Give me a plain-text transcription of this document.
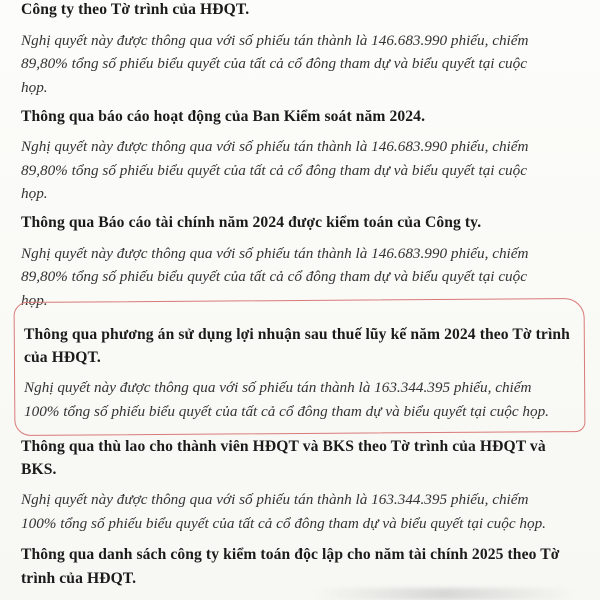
Công ty theo Tờ trình của HĐQT.
Nghị quyết này được thông qua với số phiếu tán thành là 146.683.990 phiếu, chiếm
89,80% tổng số phiếu biểu quyết của tất cả cổ đông tham dự và biểu quyết tại cuộc
họp.
Thông qua báo cáo hoạt động của Ban Kiểm soát năm 2024.
Nghị quyết này được thông qua với số phiếu tán thành là 146.683.990 phiếu, chiếm
89,80% tổng số phiếu biểu quyết của tất cả cổ đông tham dự và biểu quyết tại cuộc
họp.
Thông qua Báo cáo tài chính năm 2024 được kiểm toán của Công ty.
Nghị quyết này được thông qua với số phiếu tán thành là 146.683.990 phiếu, chiếm
89,80% tổng số phiếu biểu quyết của tất cả cổ đông tham dự và biểu quyết tại cuộc
họp.
Thông qua phương án sử dụng lợi nhuận sau thuế lũy kế năm 2024 theo Tờ trình
của HĐQT.
Nghị quyết này được thông qua với số phiếu tán thành là 163.344.395 phiếu, chiếm
100% tổng số phiếu biểu quyết của tất cả cổ đông tham dự và biểu quyết tại cuộc họp.
Thông qua thù lao cho thành viên HĐQT và BKS theo Tờ trình của HĐQT và
BKS.
Nghị quyết này được thông qua với số phiếu tán thành là 163.344.395 phiếu, chiếm
100% tổng số phiếu biểu quyết của tất cả cổ đông tham dự và biểu quyết tại cuộc họp.
Thông qua danh sách công ty kiểm toán độc lập cho năm tài chính 2025 theo Tờ
trình của HĐQT.
